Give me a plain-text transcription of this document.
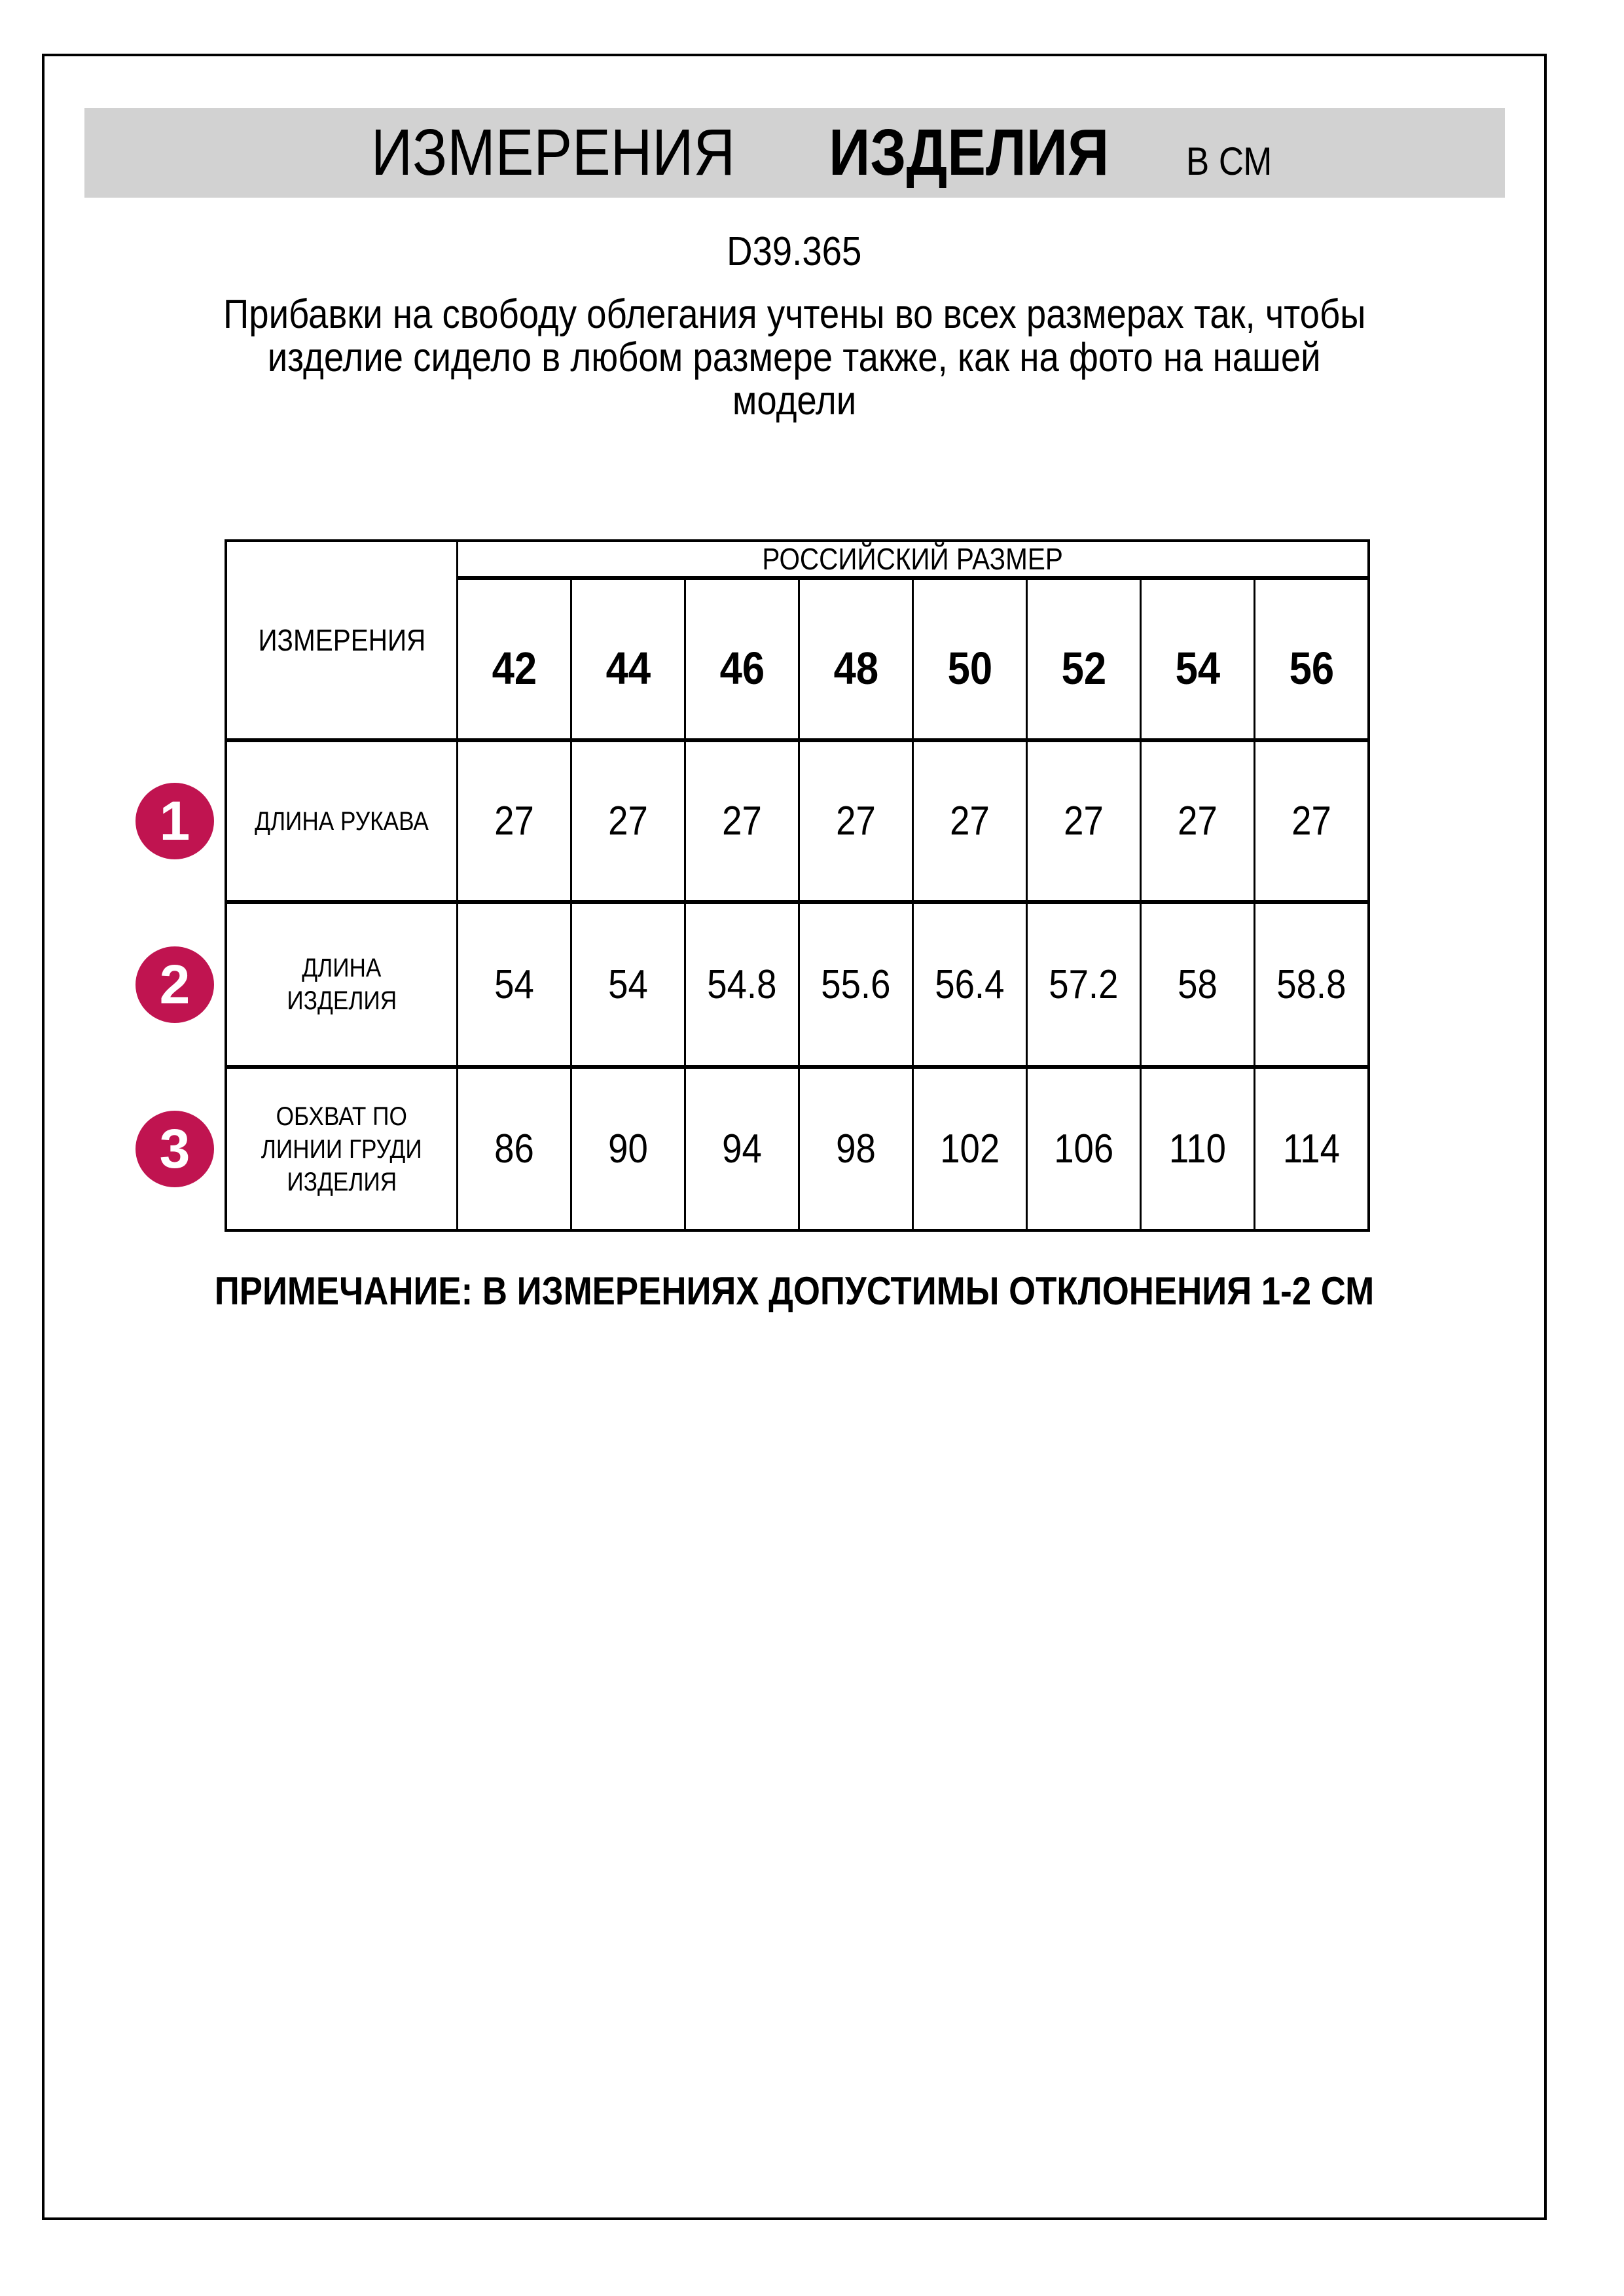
ИЗМЕРЕНИЯ ИЗДЕЛИЯ В СМ
D39.365
Прибавки на свободу облегания учтены во всех размерах так, чтобы
изделие сидело в любом размере также, как на фото на нашей
модели
ИЗМЕРЕНИЯ
РОССИЙСКИЙ РАЗМЕР
42 44 46 48 50 52 54 56
ДЛИНА РУКАВА 27 27 27 27 27 27 27 27
ДЛИНА
ИЗДЕЛИЯ 54 54 54.8 55.6 56.4 57.2 58 58.8
ОБХВАТ ПО
ЛИНИИ ГРУДИ
ИЗДЕЛИЯ
86 90 94 98 102 106 110 114
1
2
3
ПРИМЕЧАНИЕ: В ИЗМЕРЕНИЯХ ДОПУСТИМЫ ОТКЛОНЕНИЯ 1-2 СМ
